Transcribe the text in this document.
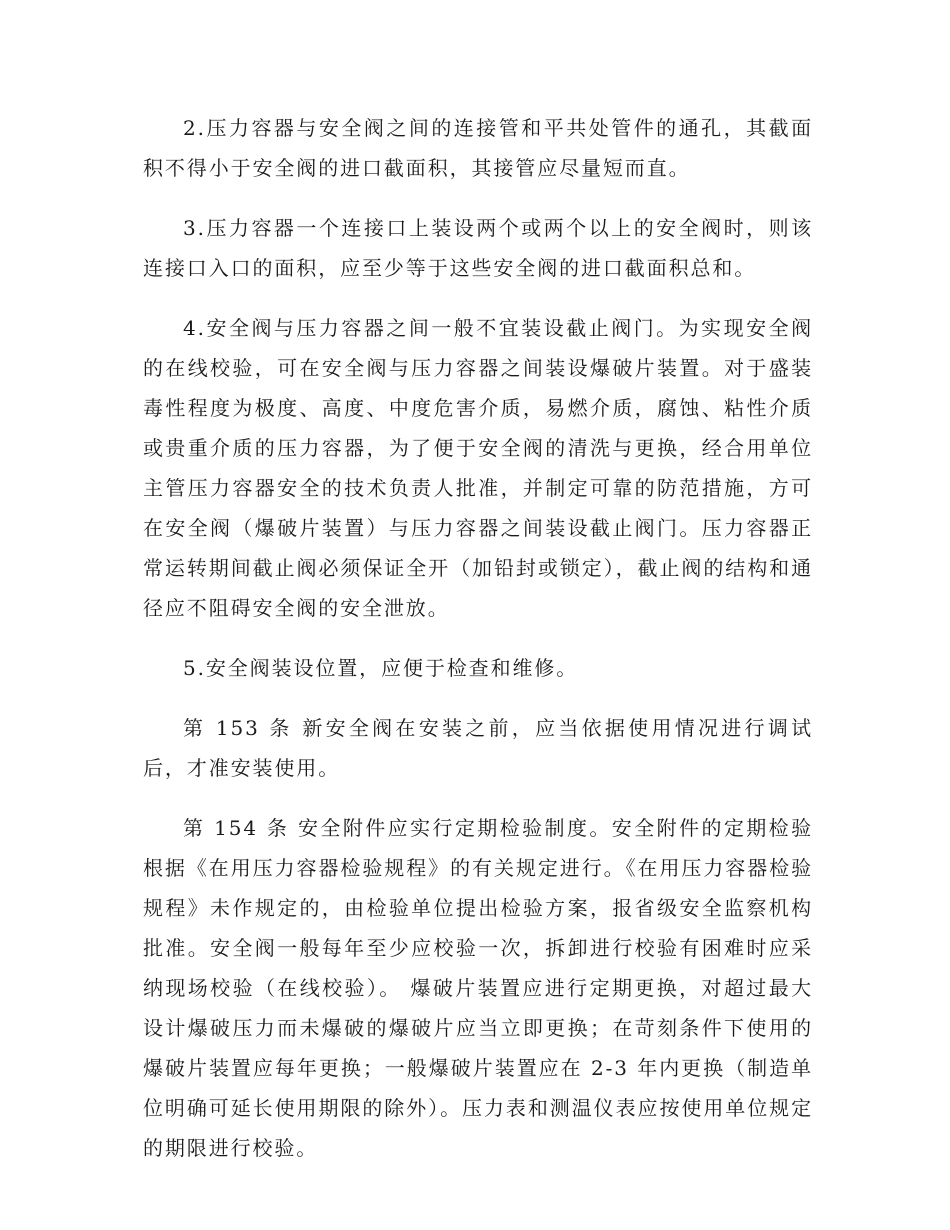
2.压力容器与安全阀之间的连接管和平共处管件的通孔，其截面积不得小于安全阀的进口截面积，其接管应尽量短而直。

3.压力容器一个连接口上装设两个或两个以上的安全阀时，则该连接口入口的面积，应至少等于这些安全阀的进口截面积总和。

4.安全阀与压力容器之间一般不宜装设截止阀门。为实现安全阀的在线校验，可在安全阀与压力容器之间装设爆破片装置。对于盛装毒性程度为极度、高度、中度危害介质，易燃介质，腐蚀、粘性介质或贵重介质的压力容器，为了便于安全阀的清洗与更换，经合用单位主管压力容器安全的技术负责人批准，并制定可靠的防范措施，方可在安全阀（爆破片装置）与压力容器之间装设截止阀门。压力容器正常运转期间截止阀必须保证全开（加铅封或锁定），截止阀的结构和通径应不阻碍安全阀的安全泄放。

5.安全阀装设位置，应便于检查和维修。

第 153 条 新安全阀在安装之前，应当依据使用情况进行调试后，才准安装使用。

第 154 条 安全附件应实行定期检验制度。安全附件的定期检验根据《在用压力容器检验规程》的有关规定进行。《在用压力容器检验规程》未作规定的，由检验单位提出检验方案，报省级安全监察机构批准。安全阀一般每年至少应校验一次，拆卸进行校验有困难时应采纳现场校验（在线校验）。 爆破片装置应进行定期更换，对超过最大设计爆破压力而未爆破的爆破片应当立即更换；在苛刻条件下使用的爆破片装置应每年更换；一般爆破片装置应在 2-3 年内更换（制造单位明确可延长使用期限的除外）。压力表和测温仪表应按使用单位规定的期限进行校验。
